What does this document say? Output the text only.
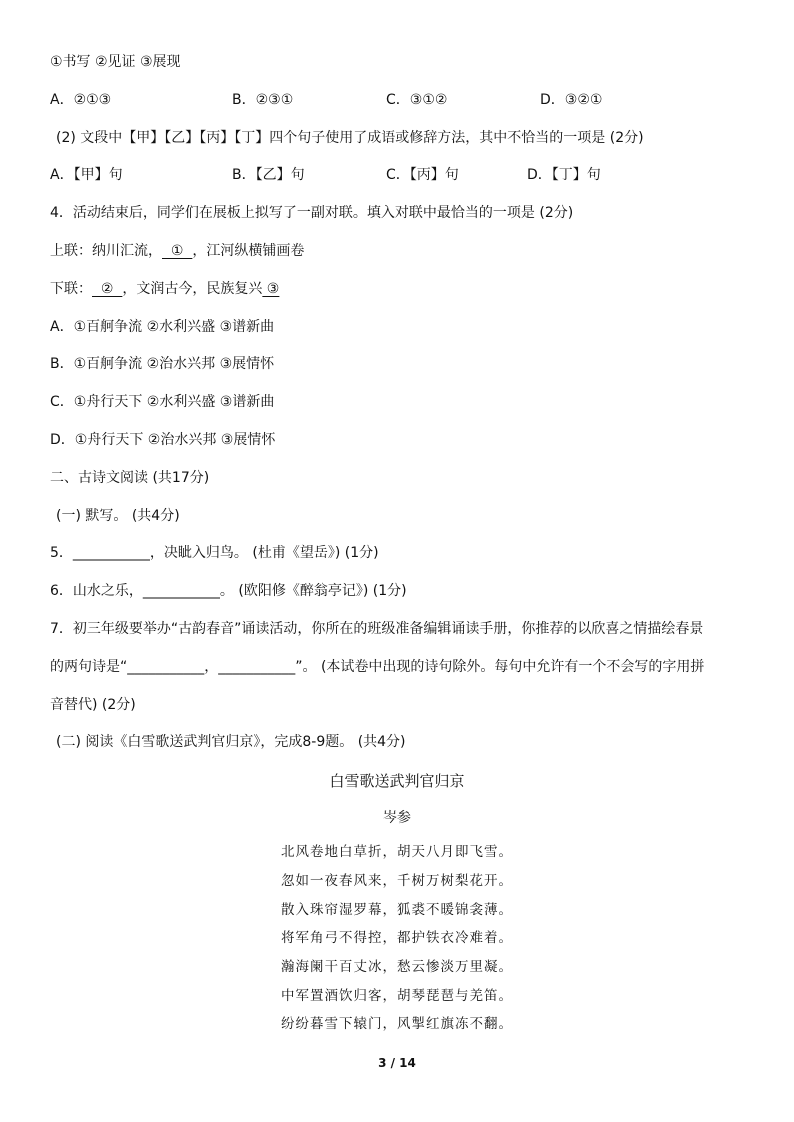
①书写 ②见证 ③展现
A．②①③	B．②③①	C．③①②	D．③②①
(2) 文段中【甲】【乙】【丙】【丁】四个句子使用了成语或修辞方法，其中不恰当的一项是 (2分)
A．【甲】句	B．【乙】句	C．【丙】句	D．【丁】句
4．活动结束后，同学们在展板上拟写了一副对联。填入对联中最恰当的一项是 (2分)
上联：纳川汇流，  ①  ，江河纵横铺画卷
下联：  ②  ，文润古今，民族复兴 ③
A．①百舸争流 ②水利兴盛 ③谱新曲
B．①百舸争流 ②治水兴邦 ③展情怀
C．①舟行天下 ②水利兴盛 ③谱新曲
D．①舟行天下 ②治水兴邦 ③展情怀
二、古诗文阅读 (共17分)
(一) 默写。 (共4分)
5．___________，决眦入归鸟。 (杜甫《望岳》) (1分)
6．山水之乐，___________。 (欧阳修《醉翁亭记》) (1分)
7．初三年级要举办“古韵春音”诵读活动，你所在的班级准备编辑诵读手册，你推荐的以欣喜之情描绘春景
的两句诗是“___________，___________”。 (本试卷中出现的诗句除外。每句中允许有一个不会写的字用拼
音替代) (2分)
(二) 阅读《白雪歌送武判官归京》，完成8-9题。 (共4分)
白雪歌送武判官归京
岑参
北风卷地白草折，胡天八月即飞雪。
忽如一夜春风来，千树万树梨花开。
散入珠帘湿罗幕，狐裘不暖锦衾薄。
将军角弓不得控，都护铁衣冷难着。
瀚海阑干百丈冰，愁云惨淡万里凝。
中军置酒饮归客，胡琴琵琶与羌笛。
纷纷暮雪下辕门，风掣红旗冻不翻。
3 / 14
